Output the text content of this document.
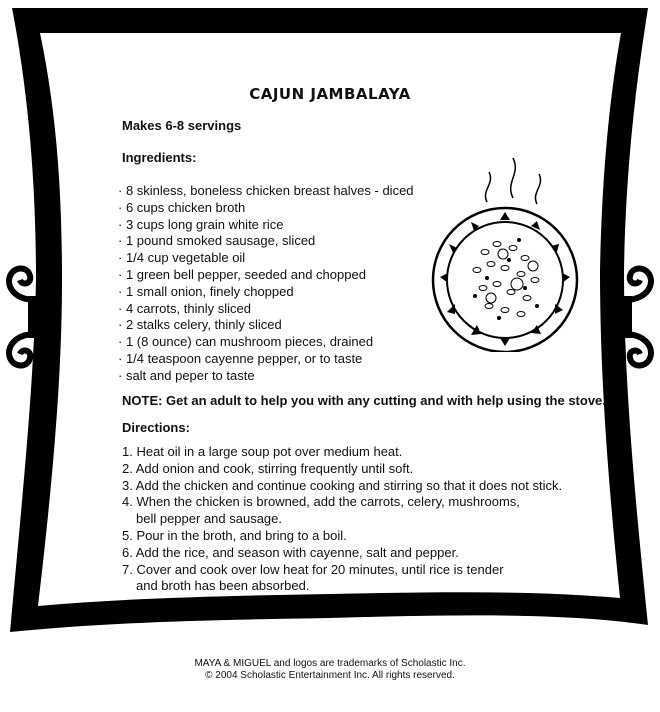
CAJUN JAMBALAYA
Makes 6-8 servings
Ingredients:
· 8 skinless, boneless chicken breast halves - diced
· 6 cups chicken broth
· 3 cups long grain white rice
· 1 pound smoked sausage, sliced
· 1/4 cup vegetable oil
· 1 green bell pepper, seeded and chopped
· 1 small onion, finely chopped
· 4 carrots, thinly sliced
· 2 stalks celery, thinly sliced
· 1 (8 ounce) can mushroom pieces, drained
· 1/4 teaspoon cayenne pepper, or to taste
· salt and peper to taste
NOTE: Get an adult to help you with any cutting and with help using the stove.
Directions:
1. Heat oil in a large soup pot over medium heat.
2. Add onion and cook, stirring frequently until soft.
3. Add the chicken and continue cooking and stirring so that it does not stick.
4. When the chicken is browned, add the carrots, celery, mushrooms,
bell pepper and sausage.
5. Pour in the broth, and bring to a boil.
6. Add the rice, and season with cayenne, salt and pepper.
7. Cover and cook over low heat for 20 minutes, until rice is tender
and broth has been absorbed.
MAYA & MIGUEL and logos are trademarks of Scholastic Inc.
© 2004 Scholastic Entertainment Inc. All rights reserved.
